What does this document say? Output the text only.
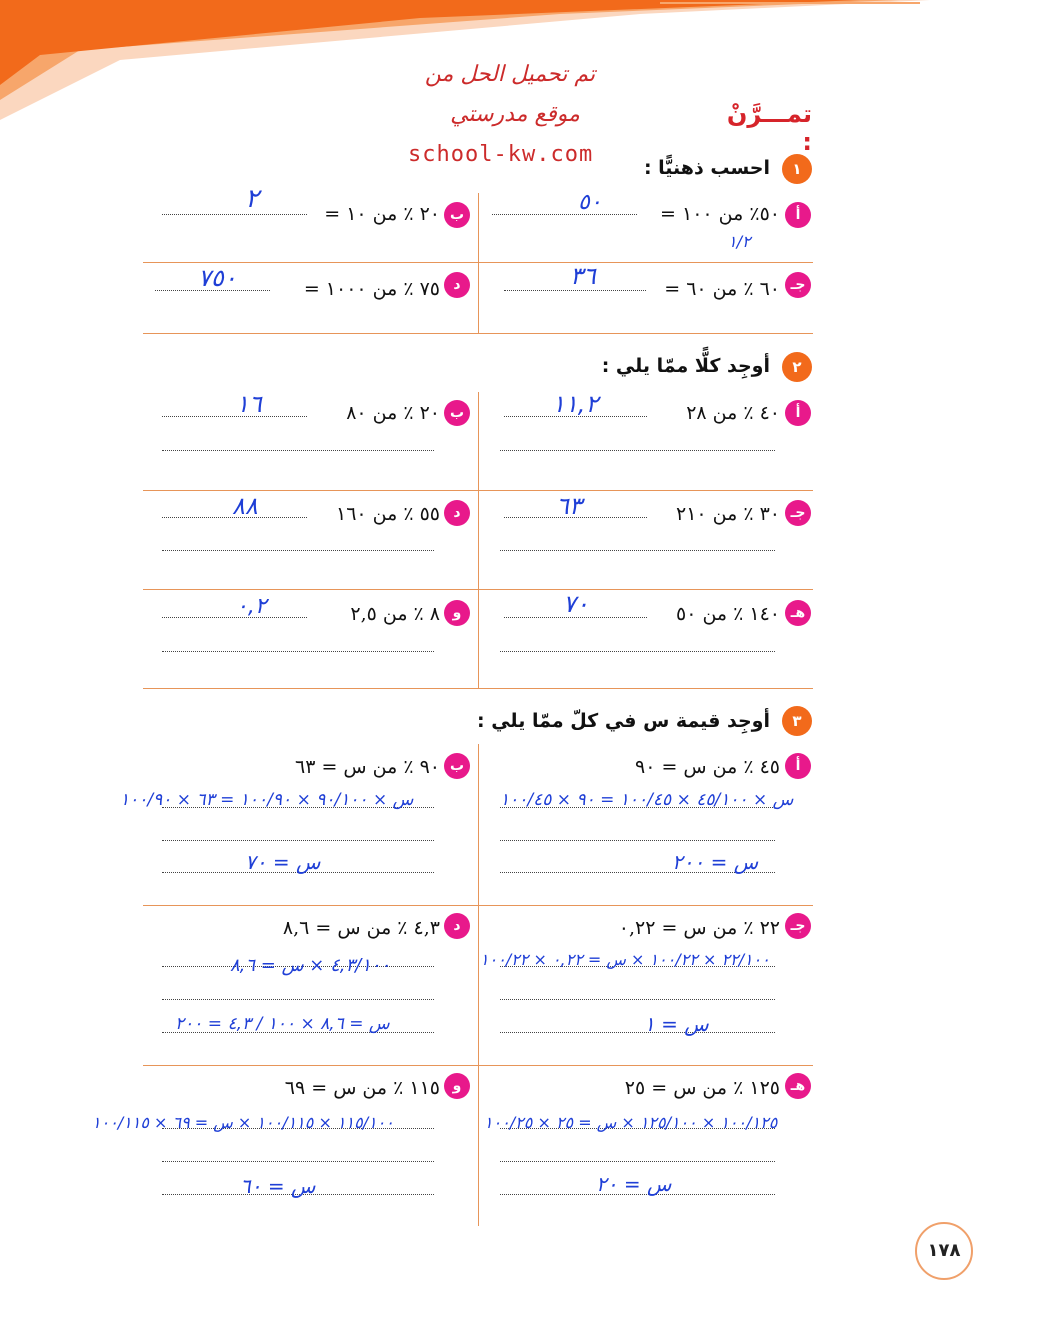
تمـــرَّنْ :
تم تحميل الحل من
موقع مدرستي
school-kw.com
١
احسب ذهنيًّا :
أ
٥٠٪ من ١٠٠ =
٥٠
١/٢
ب
٢٠ ٪ من ١٠ =
٢
جـ
٦٠ ٪ من ٦٠ =
٣٦
د
٧٥ ٪ من ١٠٠٠ =
٧٥٠
٢
أوجِد كلًّا ممّا يلي :
أ
٤٠ ٪ من ٢٨
١١,٢
ب
٢٠ ٪ من ٨٠
١٦
جـ
٣٠ ٪ من ٢١٠
٦٣
د
٥٥ ٪ من ١٦٠
٨٨
هـ
١٤٠ ٪ من ٥٠
٧٠
و
٨ ٪ من ٢,٥
٠,٢
٣
أوجِد قيمة س في كلّ ممّا يلي :
أ
٤٥ ٪ من س = ٩٠
س × ٤٥/١٠٠ × ١٠٠/٤٥ = ٩٠ × ١٠٠/٤٥
س = ٢٠٠
ب
٩٠ ٪ من س = ٦٣
س × ٩٠/١٠٠ × ١٠٠/٩٠ = ٦٣ × ١٠٠/٩٠
س = ٧٠
جـ
٢٢ ٪ من س = ٠,٢٢
٢٢/١٠٠ × ١٠٠/٢٢ × س = ٠,٢٢ × ١٠٠/٢٢
س = ١
د
٤,٣ ٪ من س = ٨,٦
٤,٣/١٠٠ × س = ٨,٦
س = ٨,٦ × ١٠٠ / ٤,٣ = ٢٠٠
هـ
١٢٥ ٪ من س = ٢٥
١٠٠/١٢٥ × ١٢٥/١٠٠ × س = ٢٥ × ١٠٠/٢٥
س = ٢٠
و
١١٥ ٪ من س = ٦٩
١١٥/١٠٠ × ١٠٠/١١٥ × س = ٦٩ × ١٠٠/١١٥
س = ٦٠
١٧٨
